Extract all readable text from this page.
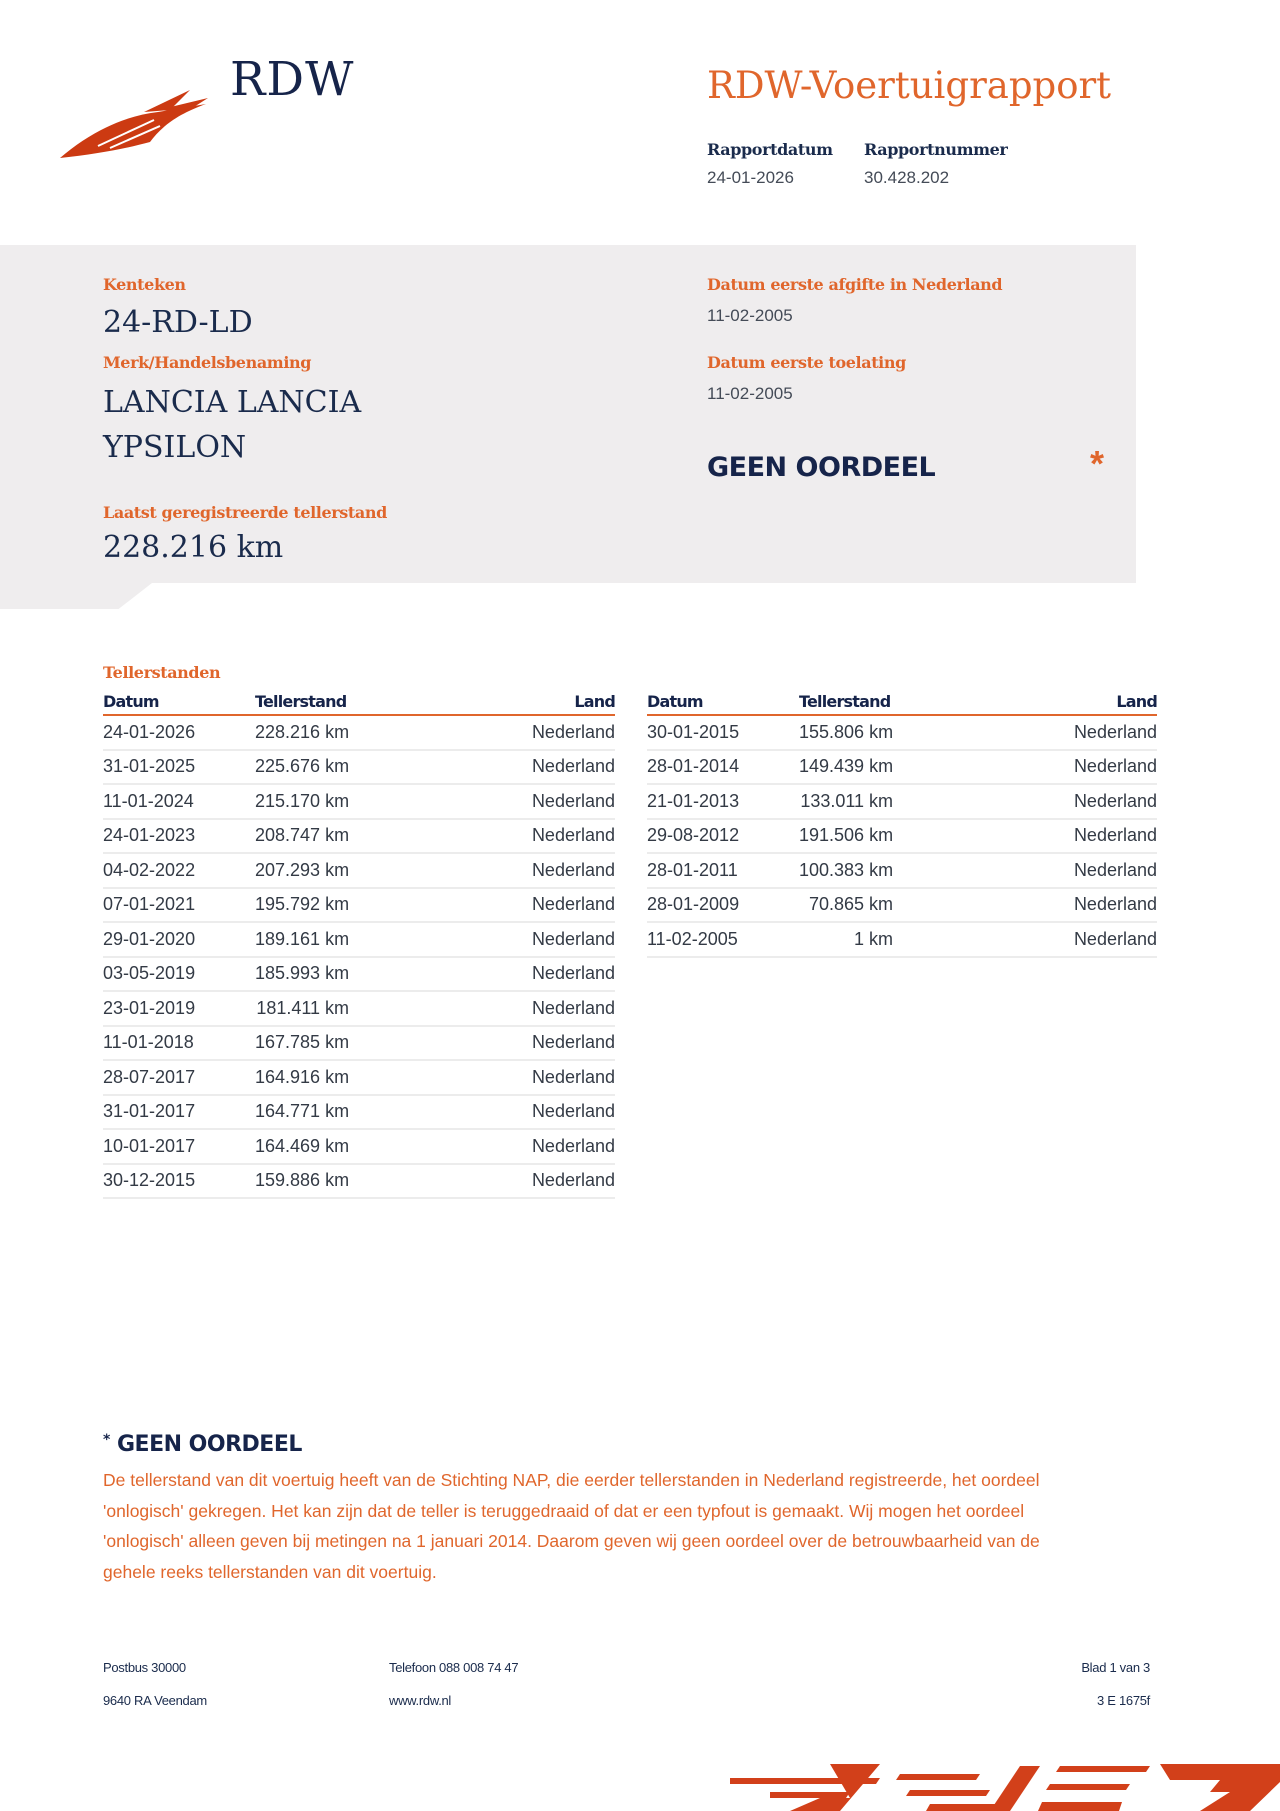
RDW	RDW-Voertuigrapport
Rapportdatum
24-01-2026
Rapportnummer
30.428.202
Kenteken
24-RD-LD
Merk/Handelsbenaming
LANCIA LANCIA
YPSILON
Laatst geregistreerde tellerstand
228.216 km
Datum eerste afgifte in Nederland
11-02-2005
Datum eerste toelating
11-02-2005
GEEN OORDEEL	*
Tellerstanden
Datum	Tellerstand	Land
24-01-2026	228.216 km	Nederland
31-01-2025	225.676 km	Nederland
11-01-2024	215.170 km	Nederland
24-01-2023	208.747 km	Nederland
04-02-2022	207.293 km	Nederland
07-01-2021	195.792 km	Nederland
29-01-2020	189.161 km	Nederland
03-05-2019	185.993 km	Nederland
23-01-2019	181.411 km	Nederland
11-01-2018	167.785 km	Nederland
28-07-2017	164.916 km	Nederland
31-01-2017	164.771 km	Nederland
10-01-2017	164.469 km	Nederland
30-12-2015	159.886 km	Nederland
Datum	Tellerstand	Land
30-01-2015	155.806 km	Nederland
28-01-2014	149.439 km	Nederland
21-01-2013	133.011 km	Nederland
29-08-2012	191.506 km	Nederland
28-01-2011	100.383 km	Nederland
28-01-2009	70.865 km	Nederland
11-02-2005	1 km	Nederland
* GEEN OORDEEL
De tellerstand van dit voertuig heeft van de Stichting NAP, die eerder tellerstanden in Nederland registreerde, het oordeel 'onlogisch' gekregen. Het kan zijn dat de teller is teruggedraaid of dat er een typfout is gemaakt. Wij mogen het oordeel 'onlogisch' alleen geven bij metingen na 1 januari 2014. Daarom geven wij geen oordeel over de betrouwbaarheid van de gehele reeks tellerstanden van dit voertuig.
Postbus 30000
9640 RA Veendam
Telefoon 088 008 74 47
www.rdw.nl
Blad 1 van 3
3 E 1675f
